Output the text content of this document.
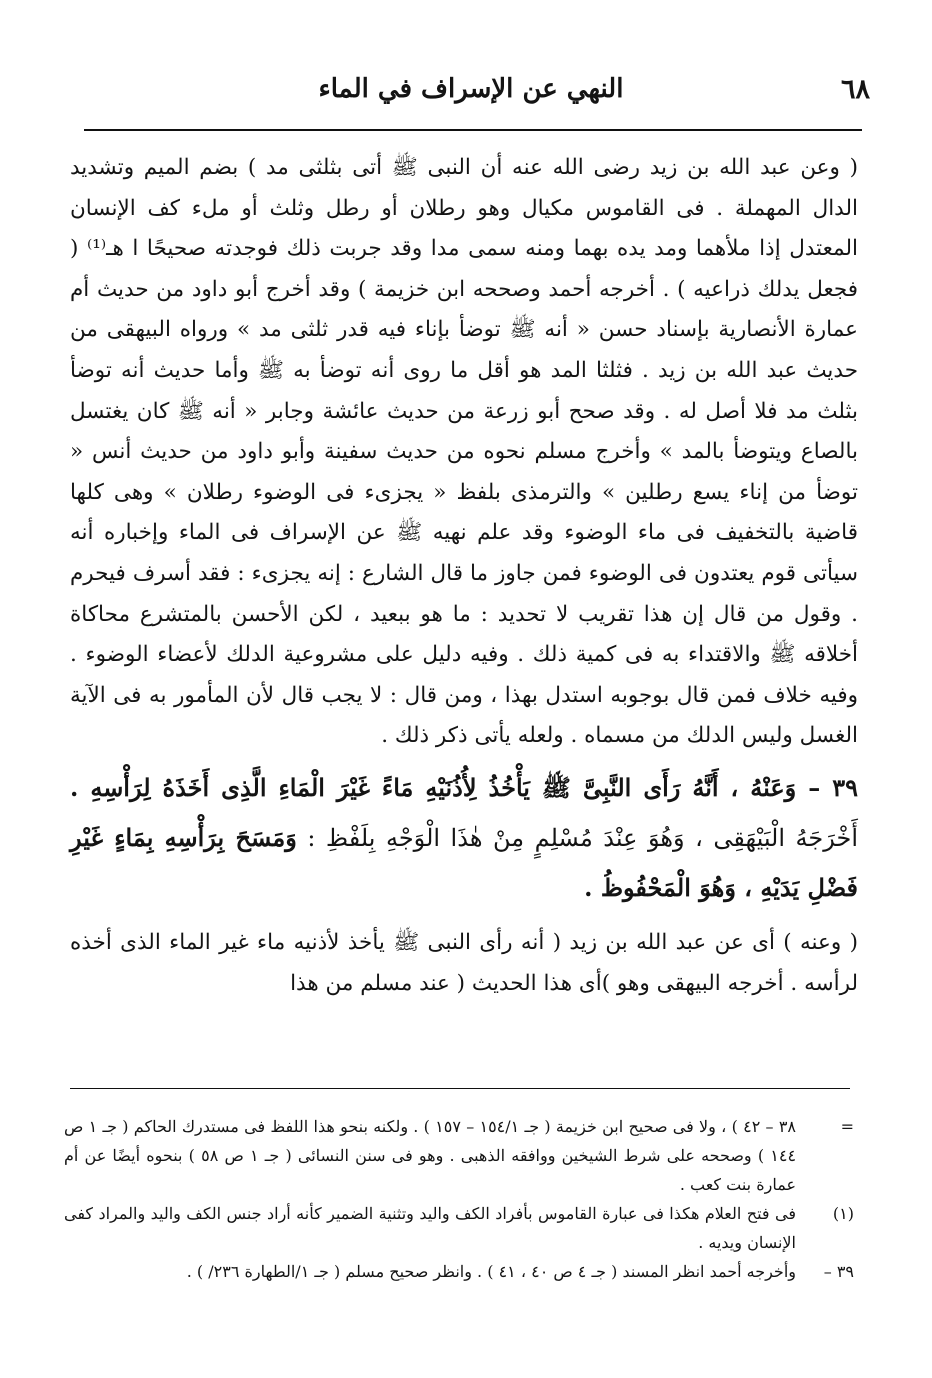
٦٨
النهي عن الإسراف في الماء

( وعن عبد الله بن زيد رضى الله عنه أن النبى ﷺ أتى بثلثى مد ) بضم الميم وتشديد الدال المهملة . فى القاموس مكيال وهو رطلان أو رطل وثلث أو ملء كف الإنسان المعتدل إذا ملأهما ومد يده بهما ومنه سمى مدا وقد جربت ذلك فوجدته صحيحًا ا هـ⁽¹⁾ ( فجعل يدلك ذراعيه ) . أخرجه أحمد وصححه ابن خزيمة ) وقد أخرج أبو داود من حديث أم عمارة الأنصارية بإسناد حسن « أنه ﷺ توضأ بإناء فيه قدر ثلثى مد » ورواه البيهقى من حديث عبد الله بن زيد . فثلثا المد هو أقل ما روى أنه توضأ به ﷺ وأما حديث أنه توضأ بثلث مد فلا أصل له . وقد صحح أبو زرعة من حديث عائشة وجابر « أنه ﷺ كان يغتسل بالصاع ويتوضأ بالمد » وأخرج مسلم نحوه من حديث سفينة وأبو داود من حديث أنس « توضأ من إناء يسع رطلين » والترمذى بلفظ « يجزىء فى الوضوء رطلان » وهى كلها قاضية بالتخفيف فى ماء الوضوء وقد علم نهيه ﷺ عن الإسراف فى الماء وإخباره أنه سيأتى قوم يعتدون فى الوضوء فمن جاوز ما قال الشارع : إنه يجزىء : فقد أسرف فيحرم . وقول من قال إن هذا تقريب لا تحديد : ما هو ببعيد ، لكن الأحسن بالمتشرع محاكاة أخلاقه ﷺ والاقتداء به فى كمية ذلك . وفيه دليل على مشروعية الدلك لأعضاء الوضوء . وفيه خلاف فمن قال بوجوبه استدل بهذا ، ومن قال : لا يجب قال لأن المأمور به فى الآية الغسل وليس الدلك من مسماه . ولعله يأتى ذكر ذلك .

٣٩ – وَعَنْهُ ، أَنَّهُ رَأَى النَّبِىَّ ﷺ يَأْخُذُ لِأُذُنَيْهِ مَاءً غَيْرَ الْمَاءِ الَّذِى أَخَذَهُ لِرَأْسِهِ . أَخْرَجَهُ الْبَيْهَقِى ، وَهُوَ عِنْدَ مُسْلِمٍ مِنْ هٰذَا الْوَجْهِ بِلَفْظِ : وَمَسَحَ بِرَأْسِهِ بِمَاءٍ غَيْرِ فَضْلِ يَدَيْهِ ، وَهُوَ الْمَحْفُوظُ .

( وعنه ) أى عن عبد الله بن زيد ( أنه رأى النبى ﷺ يأخذ لأذنيه ماء غير الماء الذى أخذه لرأسه . أخرجه البيهقى وهو )أى هذا الحديث ( عند مسلم من هذا

=
٣٨ – ٤٢ ) ، ولا فى صحيح ابن خزيمة ( جـ ١٥٤/١ – ١٥٧ ) . ولكنه بنحو هذا اللفظ فى مستدرك الحاكم ( جـ ١ ص ١٤٤ ) وصححه على شرط الشيخين ووافقه الذهبى . وهو فى سنن النسائى ( جـ ١ ص ٥٨ ) بنحوه أيضًا عن أم عمارة بنت كعب .
(١)
فى فتح العلام هكذا فى عبارة القاموس بأفراد الكف واليد وتثنية الضمير كأنه أراد جنس الكف واليد والمراد كفى الإنسان ويديه .
٣٩ –
وأخرجه أحمد انظر المسند ( جـ ٤ ص ٤٠ ، ٤١ ) . وانظر صحيح مسلم ( جـ ١/الطهارة ٢٣٦/ ) .
